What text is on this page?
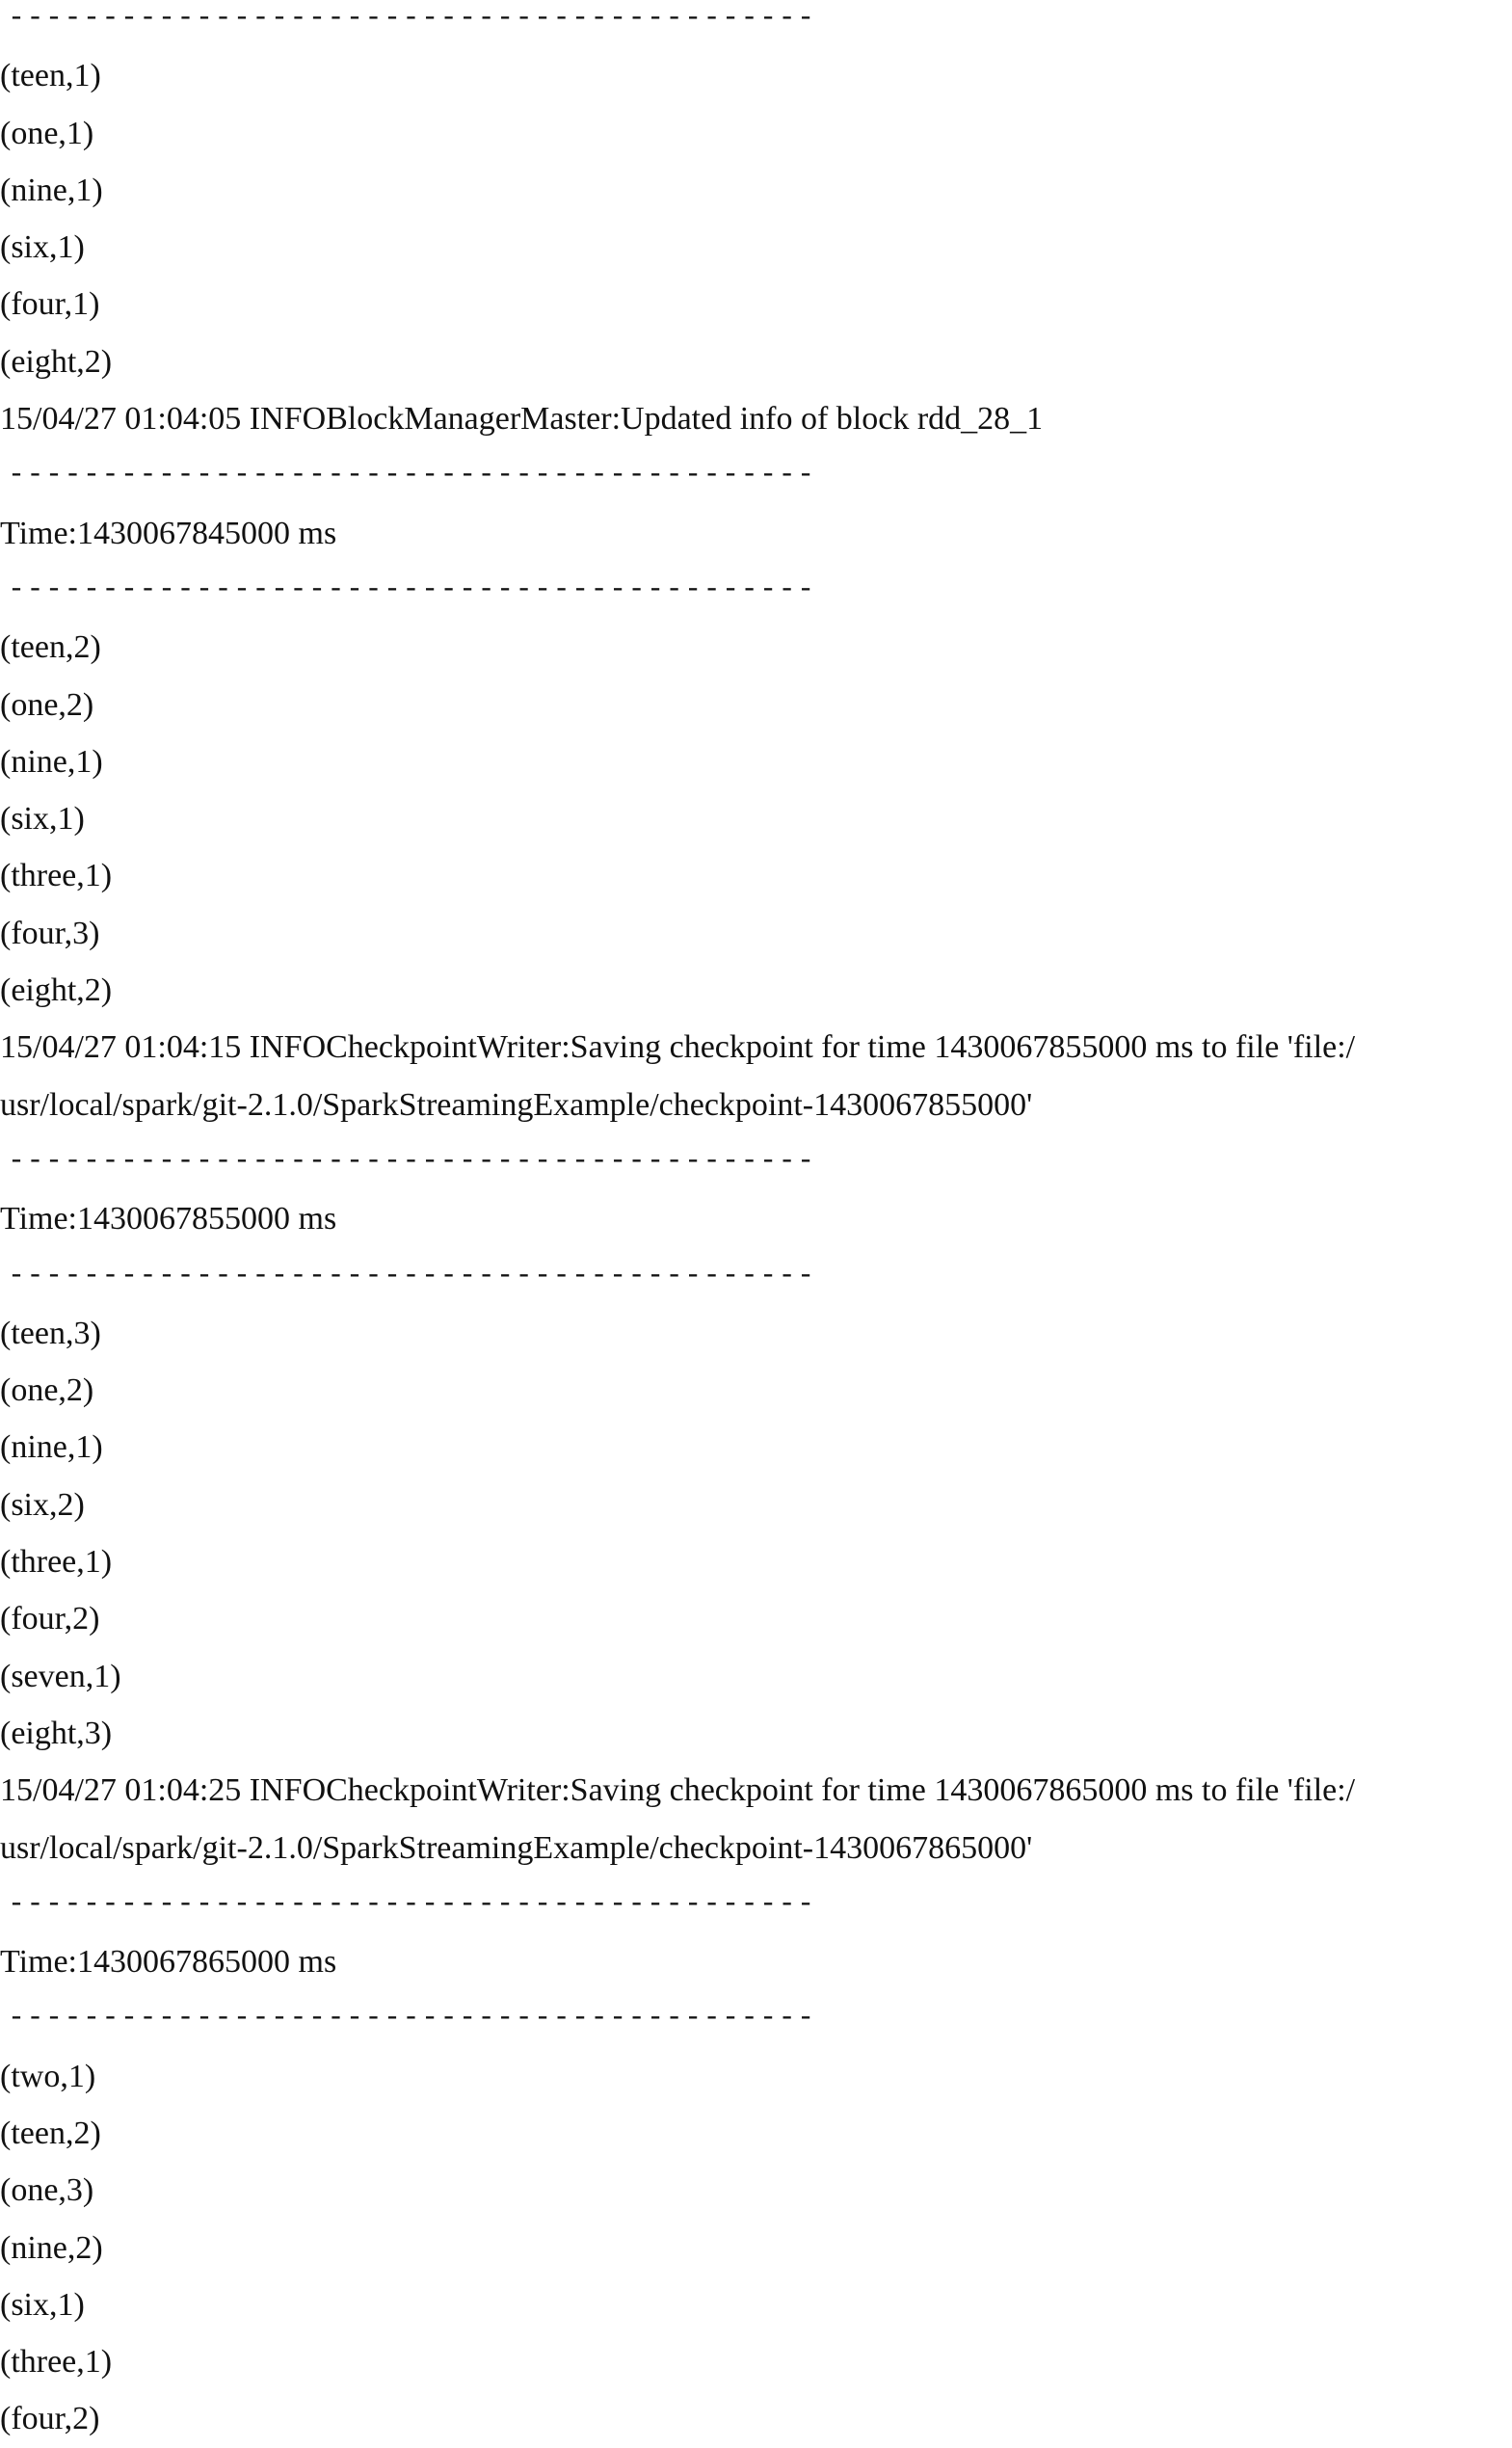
-------------------------------------------
(teen,1)
(one,1)
(nine,1)
(six,1)
(four,1)
(eight,2)
15/04/27 01:04:05 INFOBlockManagerMaster:Updated info of block rdd_28_1
-------------------------------------------
Time:1430067845000 ms
-------------------------------------------
(teen,2)
(one,2)
(nine,1)
(six,1)
(three,1)
(four,3)
(eight,2)
15/04/27 01:04:15 INFOCheckpointWriter:Saving checkpoint for time 1430067855000 ms to file 'file:/
usr/local/spark/git-2.1.0/SparkStreamingExample/checkpoint-1430067855000'
-------------------------------------------
Time:1430067855000 ms
-------------------------------------------
(teen,3)
(one,2)
(nine,1)
(six,2)
(three,1)
(four,2)
(seven,1)
(eight,3)
15/04/27 01:04:25 INFOCheckpointWriter:Saving checkpoint for time 1430067865000 ms to file 'file:/
usr/local/spark/git-2.1.0/SparkStreamingExample/checkpoint-1430067865000'
-------------------------------------------
Time:1430067865000 ms
-------------------------------------------
(two,1)
(teen,2)
(one,3)
(nine,2)
(six,1)
(three,1)
(four,2)
